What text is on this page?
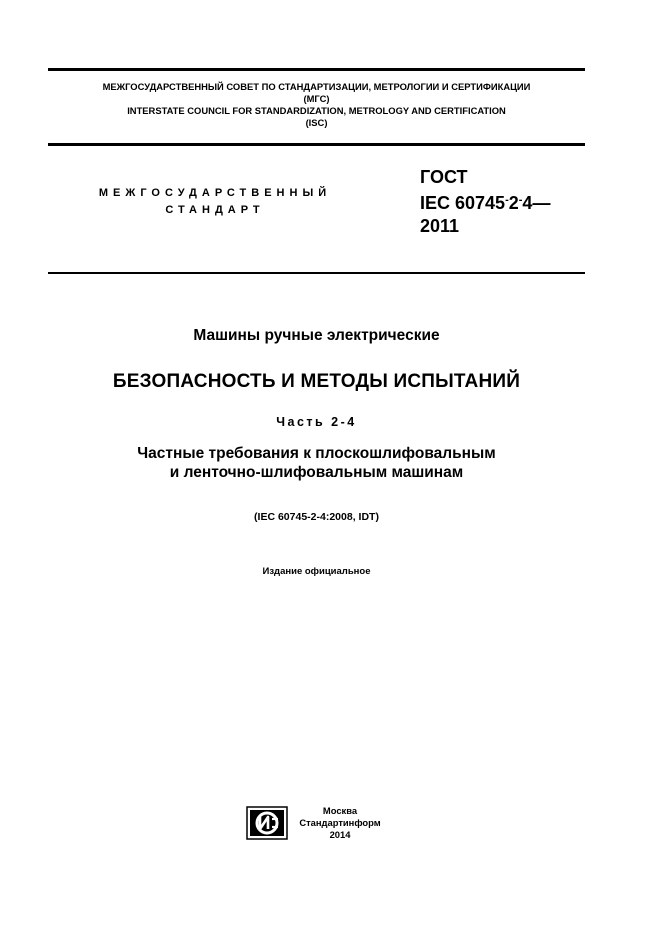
МЕЖГОСУДАРСТВЕННЫЙ СОВЕТ ПО СТАНДАРТИЗАЦИИ, МЕТРОЛОГИИ И СЕРТИФИКАЦИИ
(МГС)
INTERSTATE COUNCIL FOR STANDARDIZATION, METROLOGY AND CERTIFICATION
(ISC)
МЕЖГОСУДАРСТВЕННЫЙ
СТАНДАРТ
ГОСТ
IEC 60745-2-4—
2011
Машины ручные электрические
БЕЗОПАСНОСТЬ И МЕТОДЫ ИСПЫТАНИЙ
Часть 2-4
Частные требования к плоскошлифовальным
и ленточно-шлифовальным машинам
(IEC 60745-2-4:2008, IDT)
Издание официальное
Москва
Стандартинформ
2014
